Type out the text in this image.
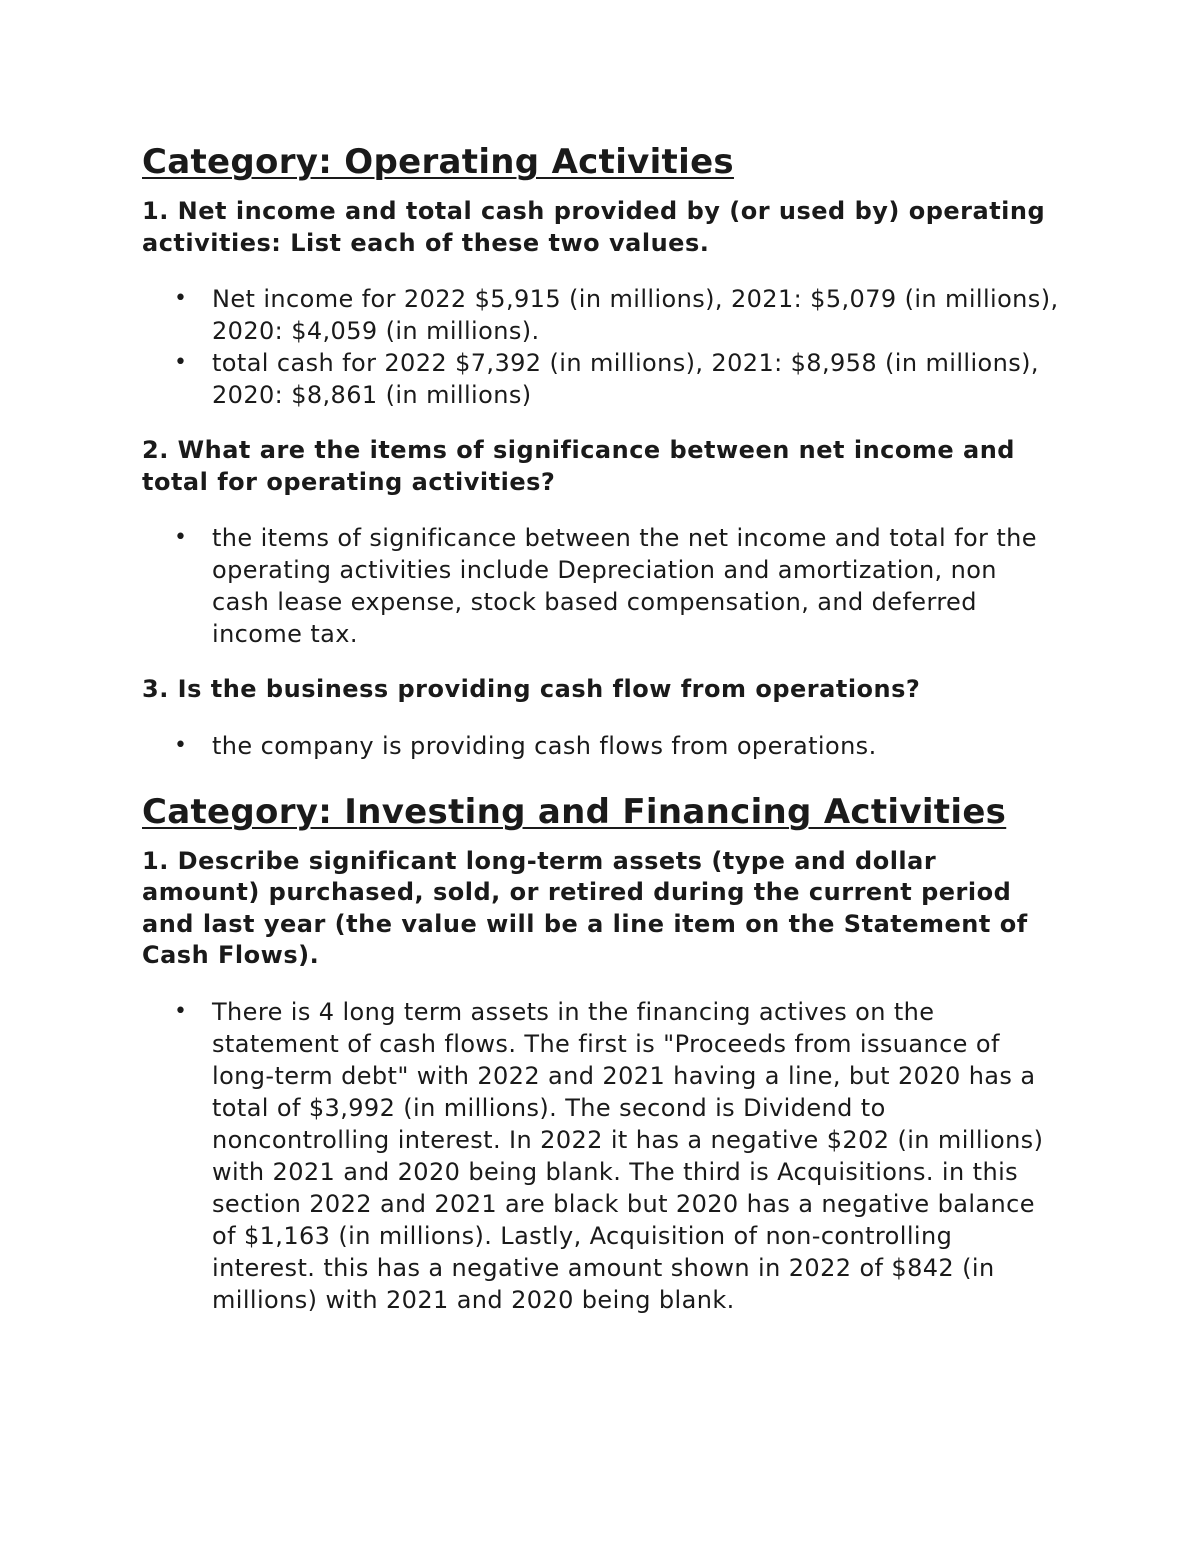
Category: Operating Activities

1. Net income and total cash provided by (or used by) operating activities: List each of these two values.

• Net income for 2022 $5,915 (in millions), 2021: $5,079 (in millions), 2020: $4,059 (in millions).
• total cash for 2022 $7,392 (in millions), 2021: $8,958 (in millions), 2020: $8,861 (in millions)

2. What are the items of significance between net income and total for operating activities?

• the items of significance between the net income and total for the operating activities include Depreciation and amortization, non cash lease expense, stock based compensation, and deferred income tax.

3. Is the business providing cash flow from operations?

• the company is providing cash flows from operations.
Category: Investing and Financing Activities

1. Describe significant long-term assets (type and dollar amount) purchased, sold, or retired during the current period and last year (the value will be a line item on the Statement of Cash Flows).

• There is 4 long term assets in the financing actives on the statement of cash flows. The first is "Proceeds from issuance of long-term debt" with 2022 and 2021 having a line, but 2020 has a total of $3,992 (in millions). The second is Dividend to noncontrolling interest. In 2022 it has a negative $202 (in millions) with 2021 and 2020 being blank. The third is Acquisitions. in this section 2022 and 2021 are black but 2020 has a negative balance of $1,163 (in millions). Lastly, Acquisition of non-controlling interest. this has a negative amount shown in 2022 of $842 (in millions) with 2021 and 2020 being blank.
